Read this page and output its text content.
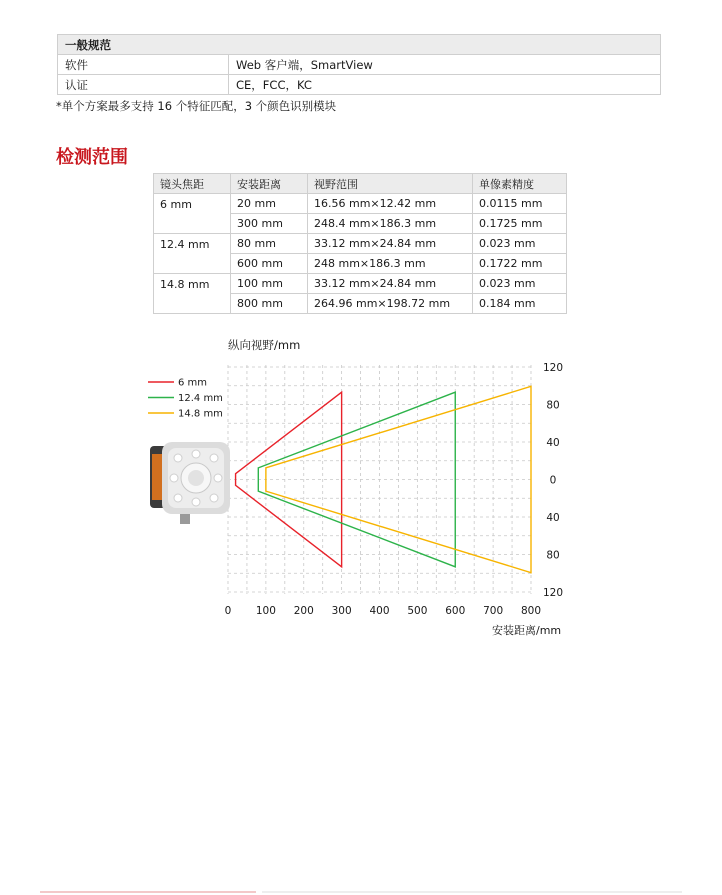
一般规范	
软件	Web 客户端，SmartView
认证	CE，FCC，KC
*单个方案最多支持 16 个特征匹配，3 个颜色识别模块
检测范围
镜头焦距	安装距离	视野范围	单像素精度
6 mm	20 mm	16.56 mm×12.42 mm	0.0115 mm
	300 mm	248.4 mm×186.3 mm	0.1725 mm
12.4 mm	80 mm	33.12 mm×24.84 mm	0.023 mm
	600 mm	248 mm×186.3 mm	0.1722 mm
14.8 mm	100 mm	33.12 mm×24.84 mm	0.023 mm
	800 mm	264.96 mm×198.72 mm	0.184 mm
纵向视野/mm
安装距离/mm
0 100 200 300 400 500 600 700 800
120
80
40
0
40
80
120
6 mm
12.4 mm
14.8 mm
